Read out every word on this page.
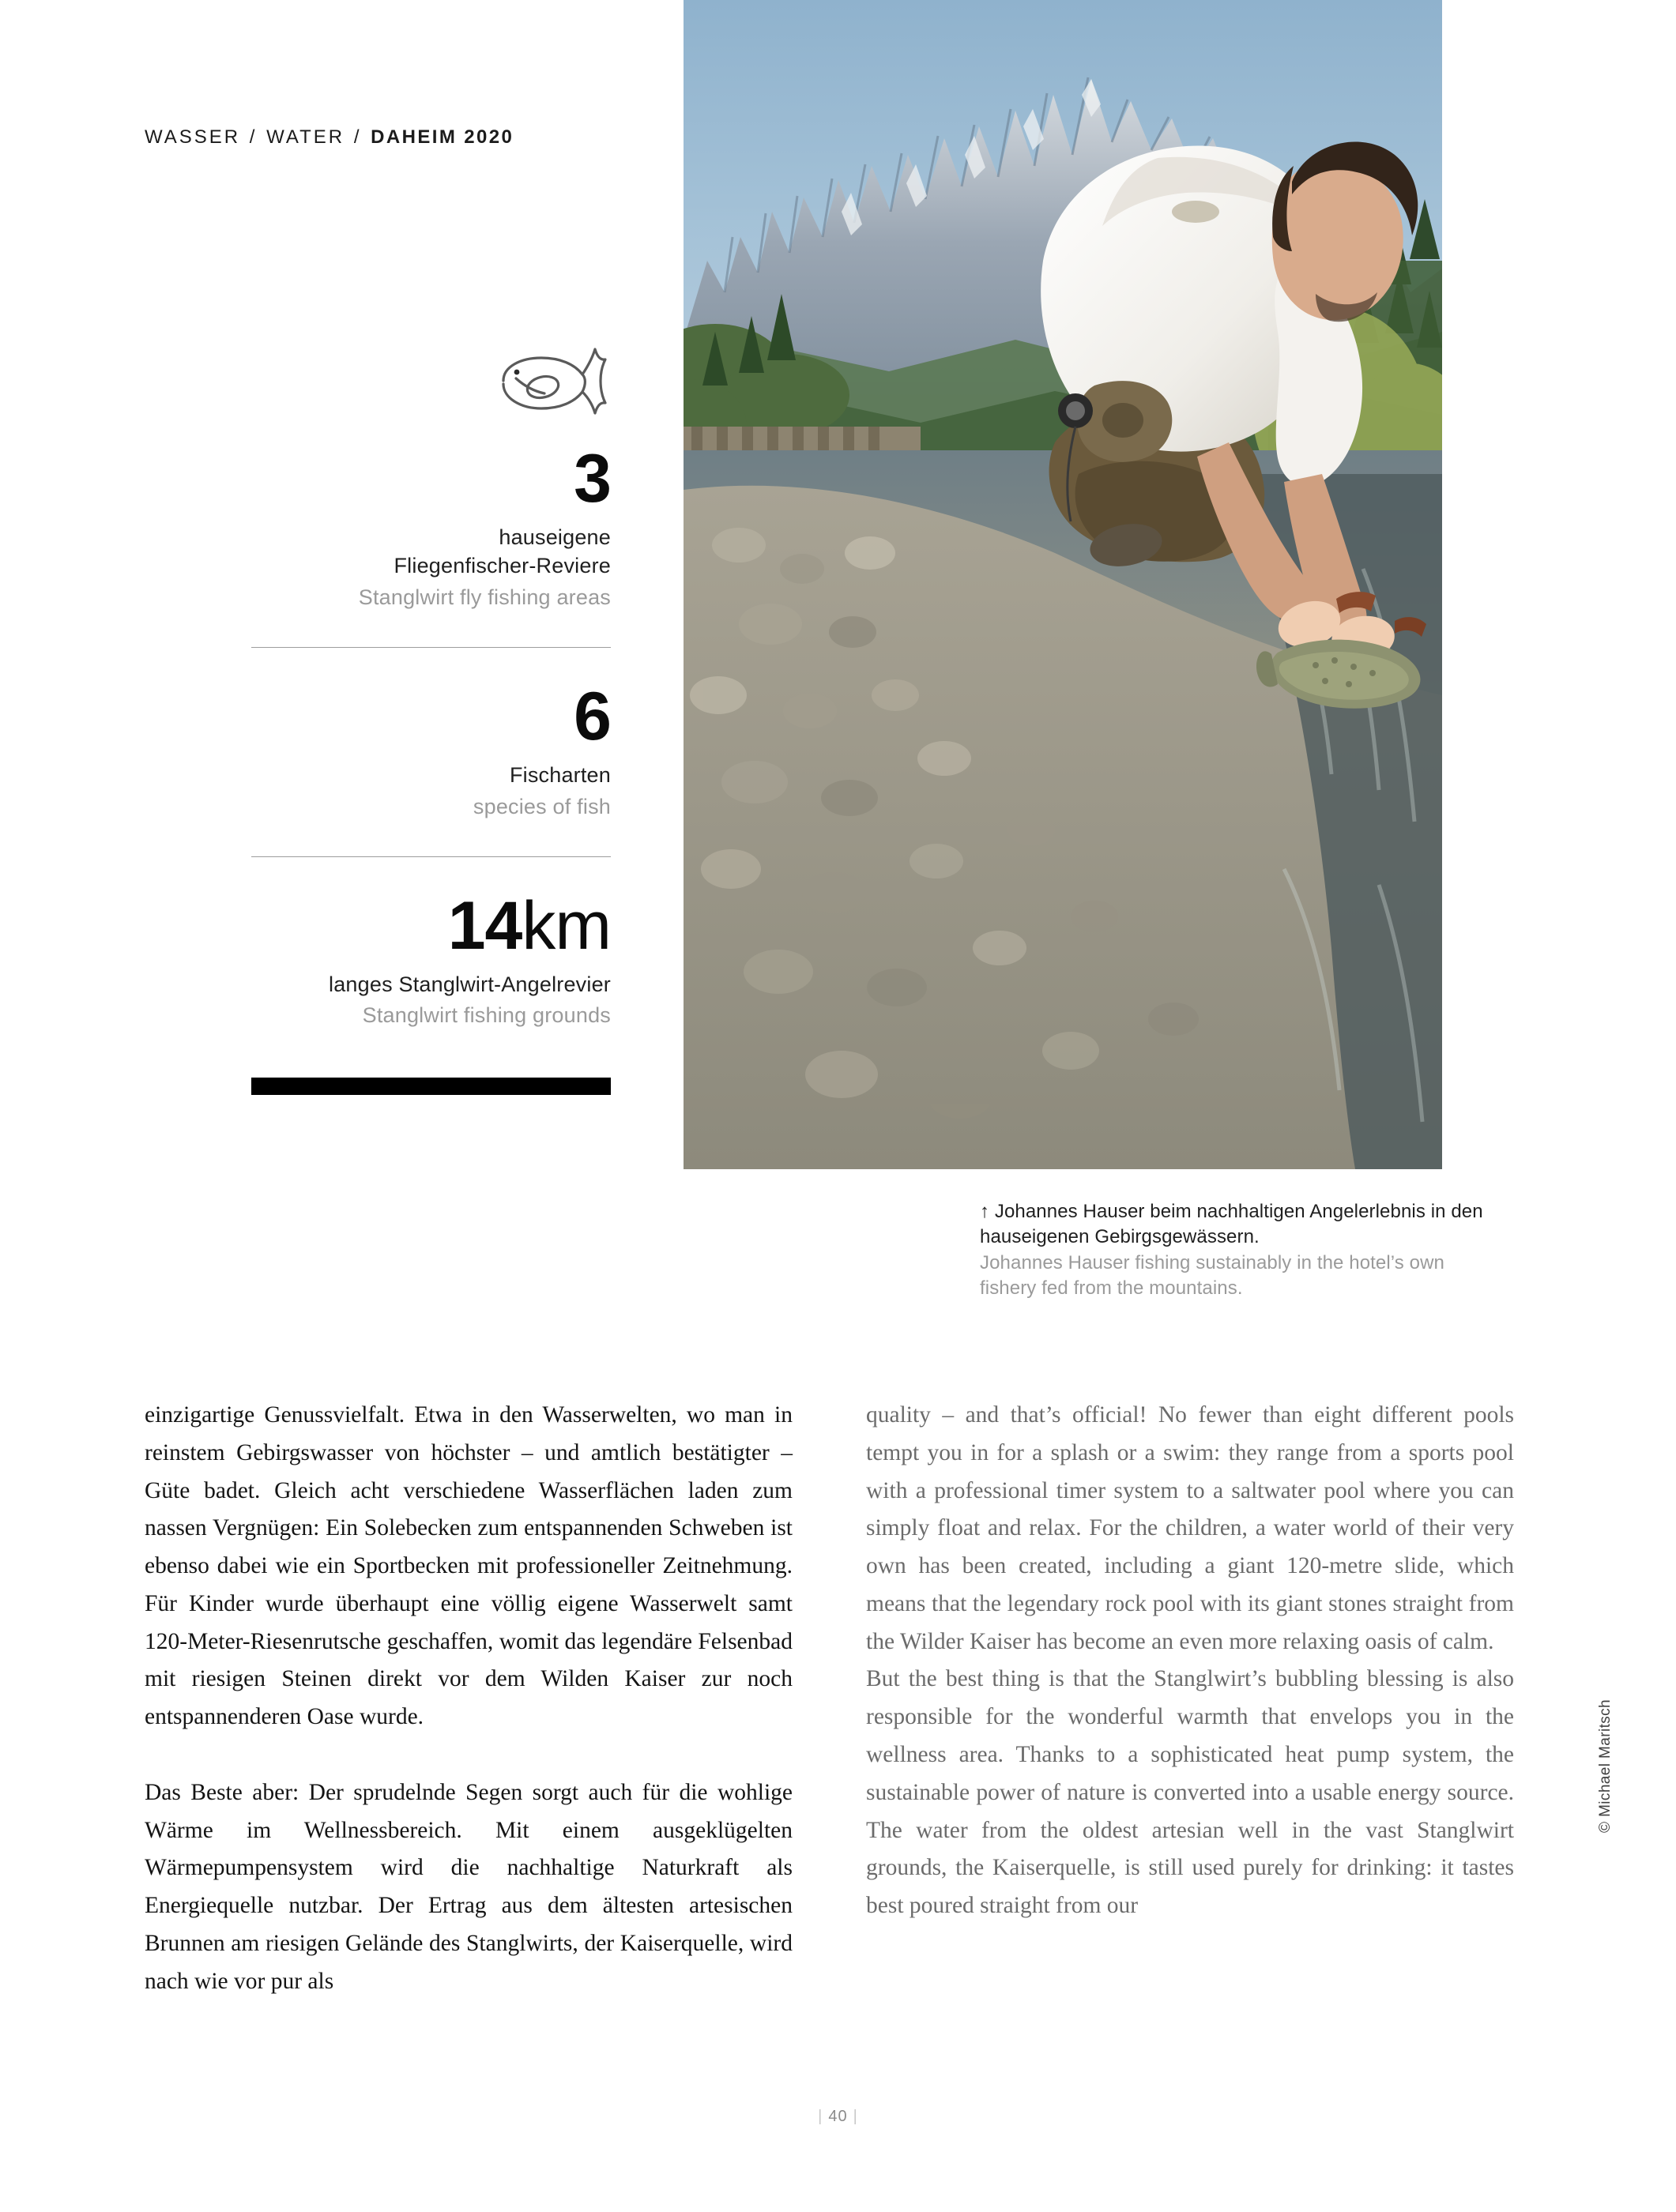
WASSER / WATER / DAHEIM 2020
3
hauseigene
Fliegenfischer-Reviere
Stanglwirt fly fishing areas
6
Fischarten
species of fish
14km
langes Stanglwirt-Angelrevier
Stanglwirt fishing grounds
↑ Johannes Hauser beim nachhaltigen Angelerlebnis in den hauseigenen Gebirgsgewässern.
Johannes Hauser fishing sustainably in the hotel’s own fishery fed from the mountains.

einzigartige Genussvielfalt. Etwa in den Wasserwelten, wo man in reinstem Gebirgswasser von höchster – und amtlich bestätigter – Güte badet. Gleich acht verschiedene Wasserflächen laden zum nassen Vergnügen: Ein Solebecken zum entspannenden Schweben ist ebenso dabei wie ein Sportbecken mit professioneller Zeitnehmung. Für Kinder wurde überhaupt eine völlig eigene Wasserwelt samt 120-Meter-Riesenrutsche geschaffen, womit das legendäre Felsenbad mit riesigen Steinen direkt vor dem Wilden Kaiser zur noch entspannenderen Oase wurde.

Das Beste aber: Der sprudelnde Segen sorgt auch für die wohlige Wärme im Wellnessbereich. Mit einem ausgeklügelten Wärmepumpensystem wird die nachhaltige Naturkraft als Energiequelle nutzbar. Der Ertrag aus dem ältesten artesischen Brunnen am riesigen Gelände des Stanglwirts, der Kaiserquelle, wird nach wie vor pur als

quality – and that’s official! No fewer than eight different pools tempt you in for a splash or a swim: they range from a sports pool with a professional timer system to a saltwater pool where you can simply float and relax. For the children, a water world of their very own has been created, including a giant 120-metre slide, which means that the legendary rock pool with its giant stones straight from the Wilder Kaiser has become an even more relaxing oasis of calm.

But the best thing is that the Stanglwirt’s bubbling blessing is also responsible for the wonderful warmth that envelops you in the wellness area. Thanks to a sophisticated heat pump system, the sustainable power of nature is converted into a usable energy source. The water from the oldest artesian well in the vast Stanglwirt grounds, the Kaiserquelle, is still used purely for drinking: it tastes best poured straight from our

© Michael Maritsch
| 40 |
